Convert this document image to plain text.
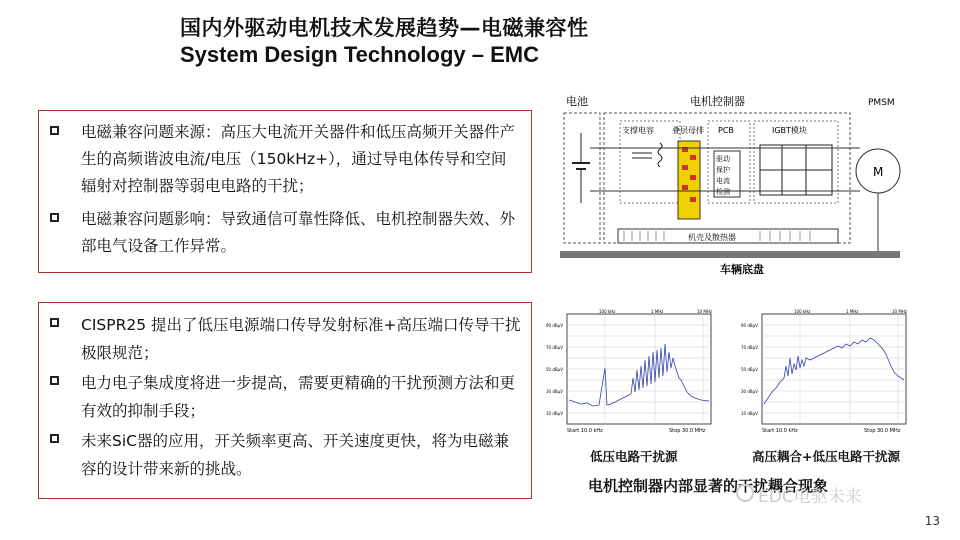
国内外驱动电机技术发展趋势—电磁兼容性
System Design Technology – EMC
电磁兼容问题来源：高压大电流开关器件和低压高频开关器件产生的高频谐波电流/电压（150kHz+），通过导电体传导和空间辐射对控制器等弱电电路的干扰；
电磁兼容问题影响：导致通信可靠性降低、电机控制器失效、外部电气设备工作异常。
CISPR25 提出了低压电源端口传导发射标准+高压端口传导干扰极限规范；
电力电子集成度将进一步提高，需要更精确的干扰预测方法和更有效的抑制手段；
未来SiC器的应用，开关频率更高、开关速度更快，将为电磁兼容的设计带来新的挑战。
电池	电机控制器	PMSM
支撑电容 叠层母排 PCB
驱动
保护
电流
检测
IGBT模块
M
机壳及散热器
车辆底盘
100 kHz	1 MHz	10 MHz
90 dBμV
70 dBμV
50 dBμV
30 dBμV
10 dBμV
Start 10.0 kHz	Stop 30.0 MHz
100 kHz	1 MHz	10 MHz
90 dBμV
70 dBμV
50 dBμV
30 dBμV
10 dBμV
Start 10.0 kHz	Stop 30.0 MHz
低压电路干扰源	高压耦合+低压电路干扰源
电机控制器内部显著的干扰耦合现象
EDC电驱未来
13
